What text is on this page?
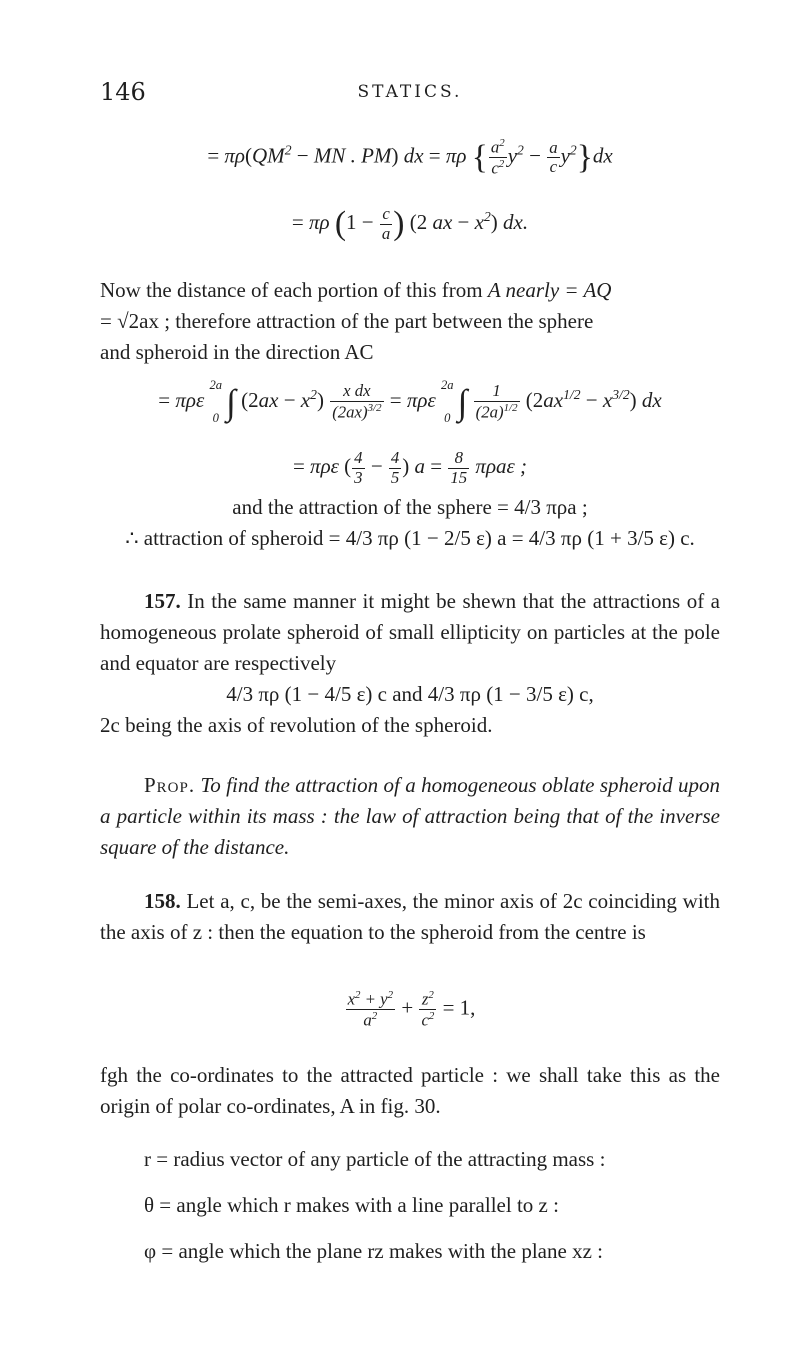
146	STATICS.
= $\pi\rho(QM^2$ − MN . PM) dx = πρ { $\frac{a^2}{c^2} y^2 - \frac{a}{c} y^2\}dx$
= πρ ($1 - \frac{c}{a}$ ) (2 ax − $x^2$) dx.

Now the distance of each portion of this from A nearly = AQ

= √2ax ; therefore attraction of the part between the sphere

and spheroid in the direction AC

= πρε
2a
0 ∫ $(2ax - x^2) \frac{\text{x dx}}{(2ax)^{3/2}} = \pi\rho\varepsilon$
2a
0 ∫ $\frac{1}{(2a)^{1/2}} (2ax^{1/2} - x^{3/2})$ dx
= πρε ( $\frac{4}{3} - \frac{4}{5}$ ) $a = \frac{8}{15}$ πρaε ;

and the attraction of the sphere = 4/3 πρa ;

∴ attraction of spheroid = 4/3 πρ (1 − 2/5 ε) a = 4/3 πρ (1 + 3/5 ε) c.

157. In the same manner it might be shewn that the attractions of a homogeneous prolate spheroid of small ellipticity on particles at the pole and equator are respectively

4/3 πρ (1 − 4/5 ε) c and 4/3 πρ (1 − 3/5 ε) c,

2c being the axis of revolution of the spheroid.

Prop. To find the attraction of a homogeneous oblate spheroid upon a particle within its mass : the law of attraction being that of the inverse square of the distance.

158. Let a, c, be the semi-axes, the minor axis of 2c coinciding with the axis of z : then the equation to the spheroid from the centre is

$\frac{x^2 + y^2}{a^2} + \frac{z^2}{c^2} = 1$,

fgh the co-ordinates to the attracted particle : we shall take this as the origin of polar co-ordinates, A in fig. 30.

r = radius vector of any particle of the attracting mass :

θ = angle which r makes with a line parallel to z :

φ = angle which the plane rz makes with the plane xz :
